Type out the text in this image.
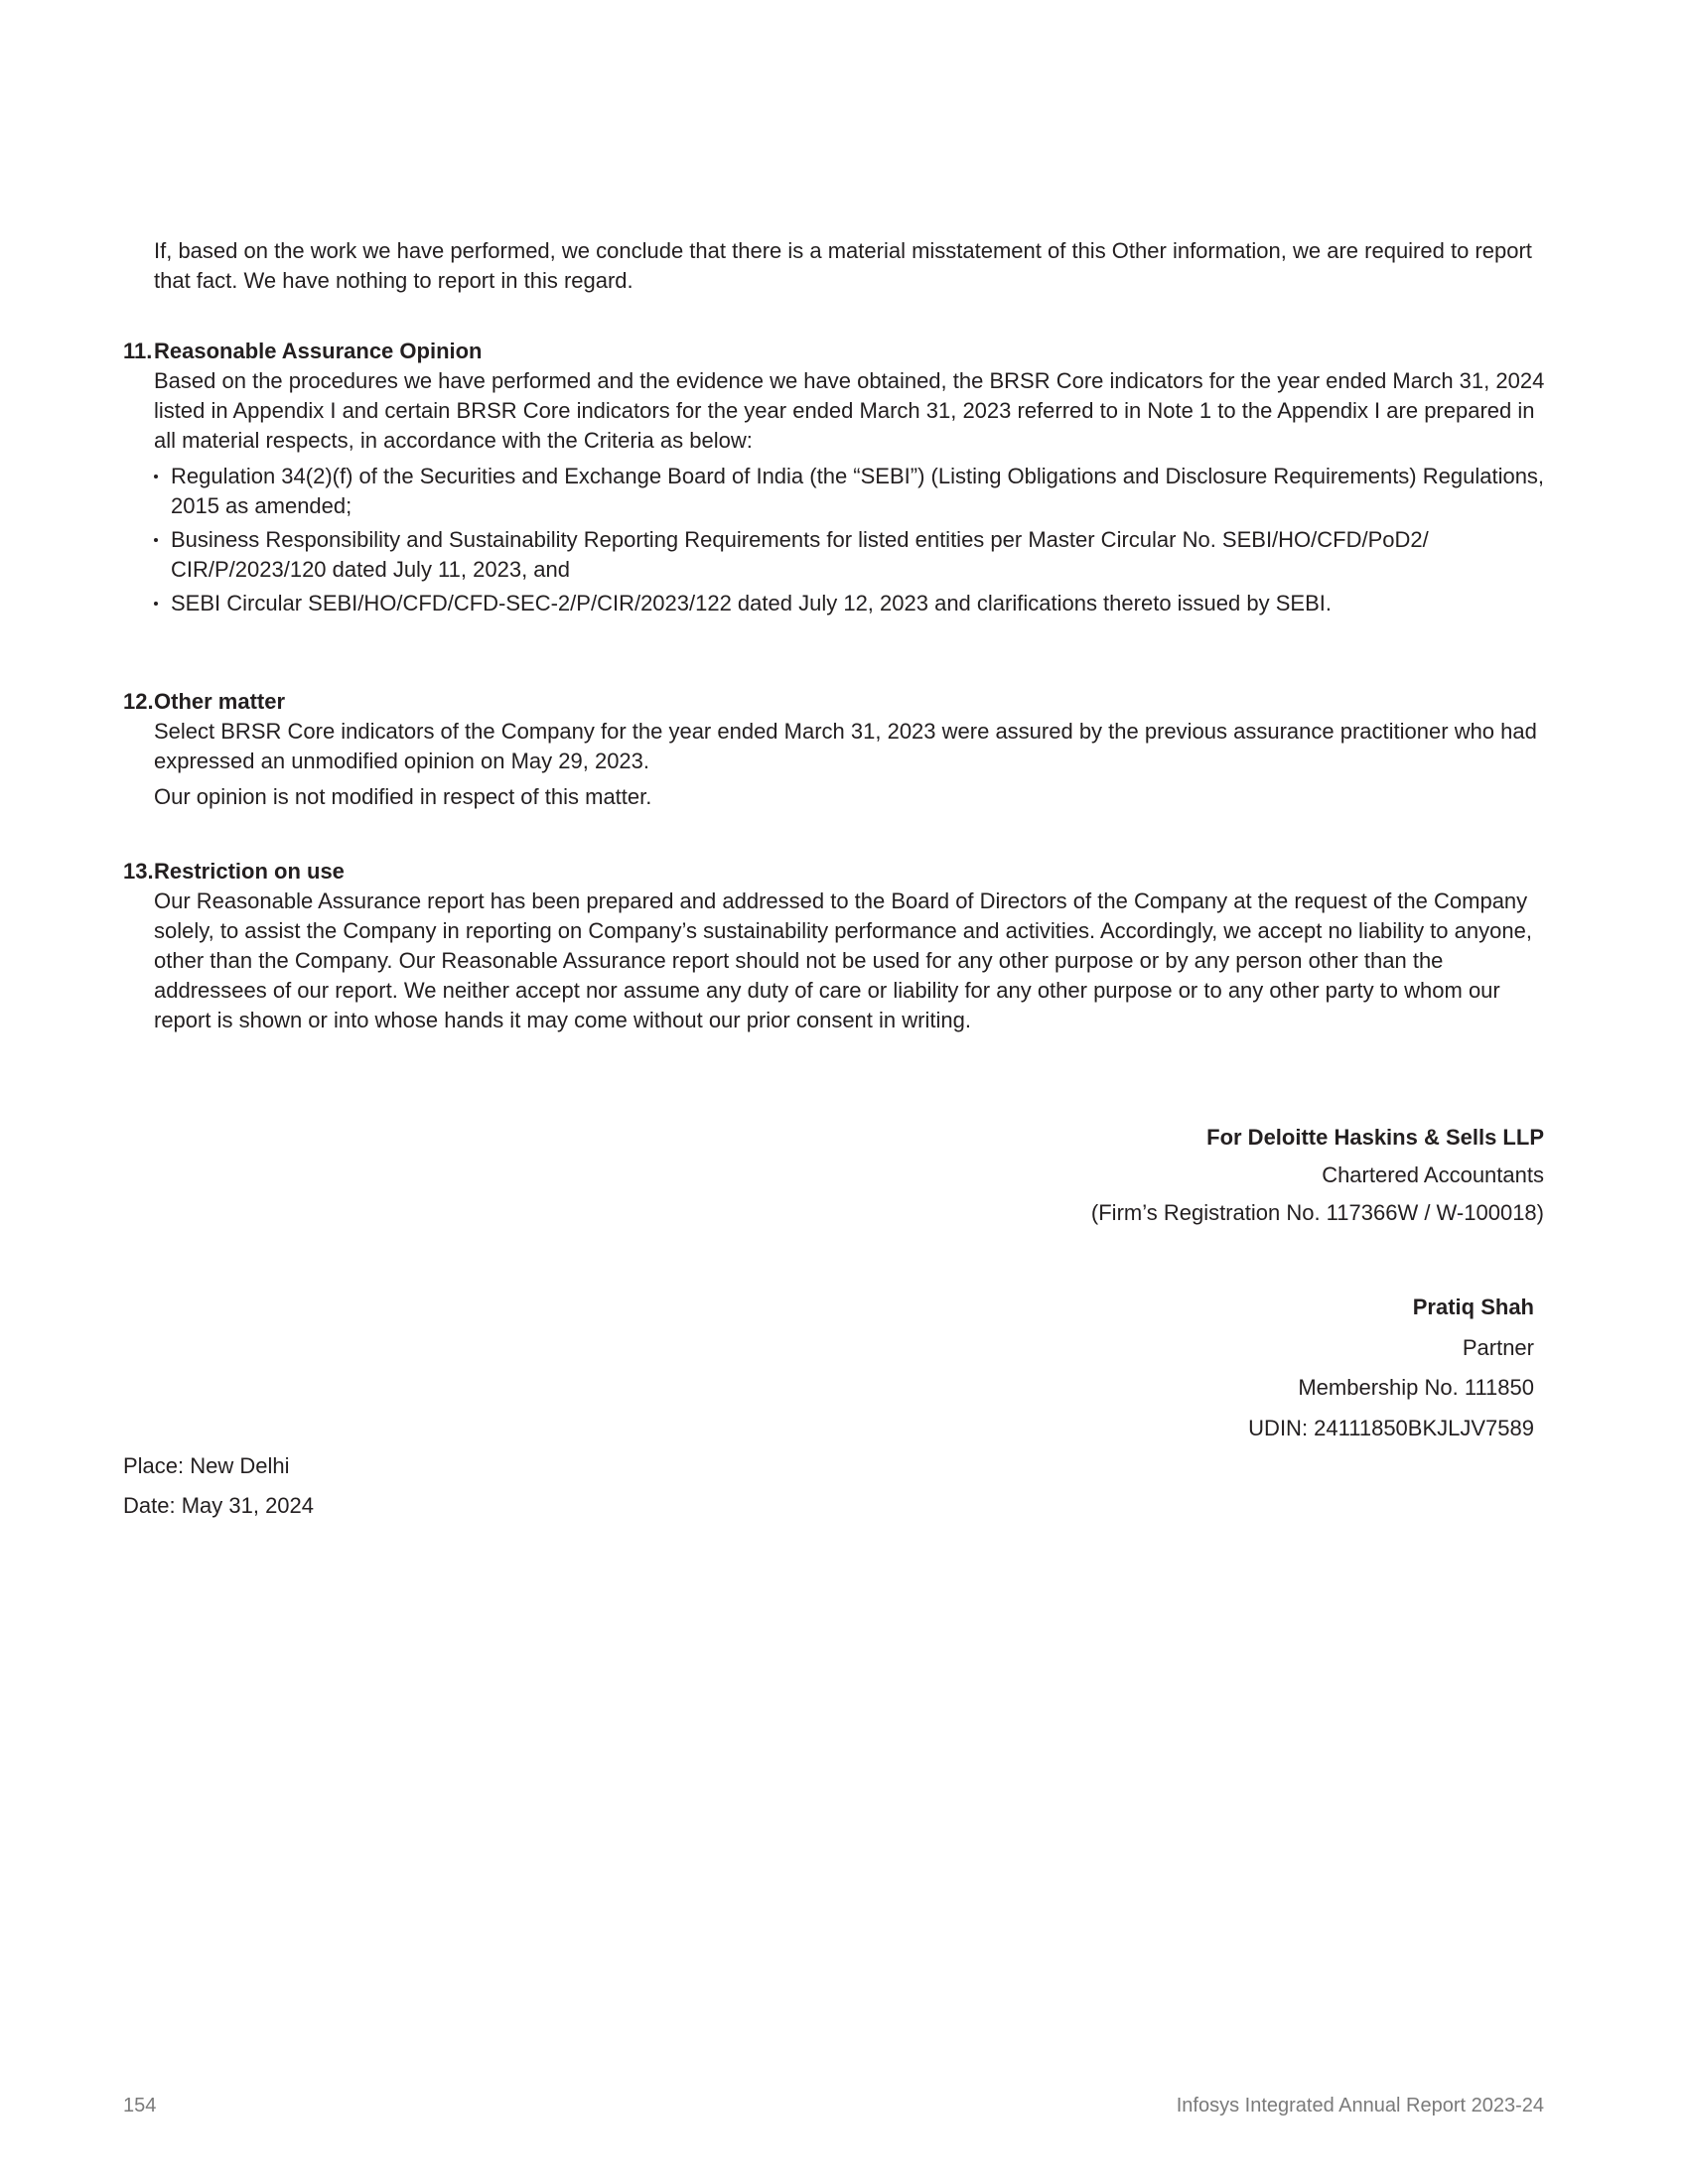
If, based on the work we have performed, we conclude that there is a material misstatement of this Other information, we are required to report that fact. We have nothing to report in this regard.

11. Reasonable Assurance Opinion

Based on the procedures we have performed and the evidence we have obtained, the BRSR Core indicators for the year ended March 31, 2024 listed in Appendix I and certain BRSR Core indicators for the year ended March 31, 2023 referred to in Note 1 to the Appendix I are prepared in all material respects, in accordance with the Criteria as below:

Regulation 34(2)(f) of the Securities and Exchange Board of India (the “SEBI”) (Listing Obligations and Disclosure Requirements) Regulations, 2015 as amended;
Business Responsibility and Sustainability Reporting Requirements for listed entities per Master Circular No. SEBI/HO/CFD/PoD2/ CIR/P/2023/120 dated July 11, 2023, and
SEBI Circular SEBI/HO/CFD/CFD-SEC-2/P/CIR/2023/122 dated July 12, 2023 and clarifications thereto issued by SEBI.
12. Other matter

Select BRSR Core indicators of the Company for the year ended March 31, 2023 were assured by the previous assurance practitioner who had expressed an unmodified opinion on May 29, 2023.

Our opinion is not modified in respect of this matter.

13. Restriction on use

Our Reasonable Assurance report has been prepared and addressed to the Board of Directors of the Company at the request of the Company solely, to assist the Company in reporting on Company’s sustainability performance and activities. Accordingly, we accept no liability to anyone, other than the Company. Our Reasonable Assurance report should not be used for any other purpose or by any person other than the addressees of our report. We neither accept nor assume any duty of care or liability for any other purpose or to any other party to whom our report is shown or into whose hands it may come without our prior consent in writing.

For Deloitte Haskins & Sells LLP
Chartered Accountants
(Firm’s Registration No. 117366W / W-100018)
Pratiq Shah
Partner
Membership No. 111850
UDIN: 24111850BKJLJV7589
Place: New Delhi
Date: May 31, 2024
154	Infosys Integrated Annual Report 2023-24
